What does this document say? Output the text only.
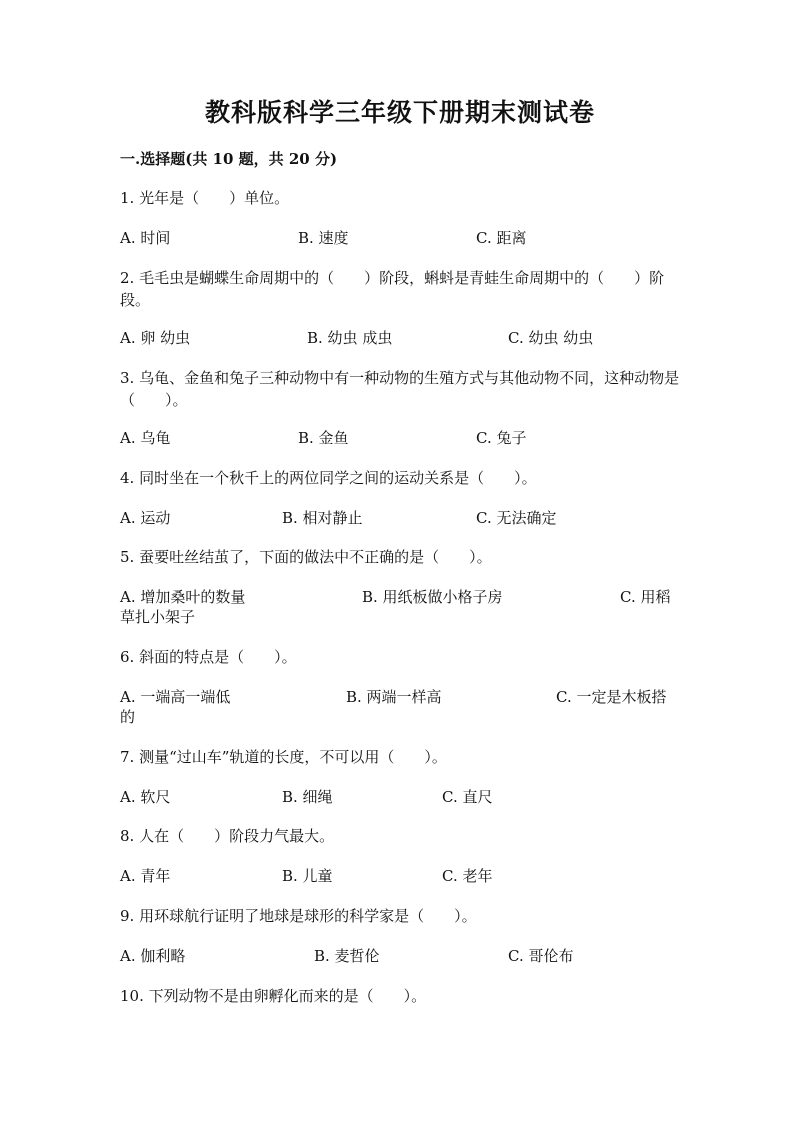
教科版科学三年级下册期末测试卷
一.选择题(共 10 题，共 20 分)
1. 光年是（　　）单位。
A. 时间	B. 速度	C. 距离
2. 毛毛虫是蝴蝶生命周期中的（　　）阶段，蝌蚪是青蛙生命周期中的（　　）阶段。
A. 卵 幼虫	B. 幼虫 成虫	C. 幼虫 幼虫
3. 乌龟、金鱼和兔子三种动物中有一种动物的生殖方式与其他动物不同，这种动物是（　　）。
A. 乌龟	B. 金鱼	C. 兔子
4. 同时坐在一个秋千上的两位同学之间的运动关系是（　　）。
A. 运动	B. 相对静止	C. 无法确定
5. 蚕要吐丝结茧了，下面的做法中不正确的是（　　）。
A. 增加桑叶的数量	B. 用纸板做小格子房	C. 用稻
草扎小架子
6. 斜面的特点是（　　）。
A. 一端高一端低	B. 两端一样高	C. 一定是木板搭
的
7. 测量“过山车”轨道的长度，不可以用（　　）。
A. 软尺	B. 细绳	C. 直尺
8. 人在（　　）阶段力气最大。
A. 青年	B. 儿童	C. 老年
9. 用环球航行证明了地球是球形的科学家是（　　）。
A. 伽利略	B. 麦哲伦	C. 哥伦布
10. 下列动物不是由卵孵化而来的是（　　）。
